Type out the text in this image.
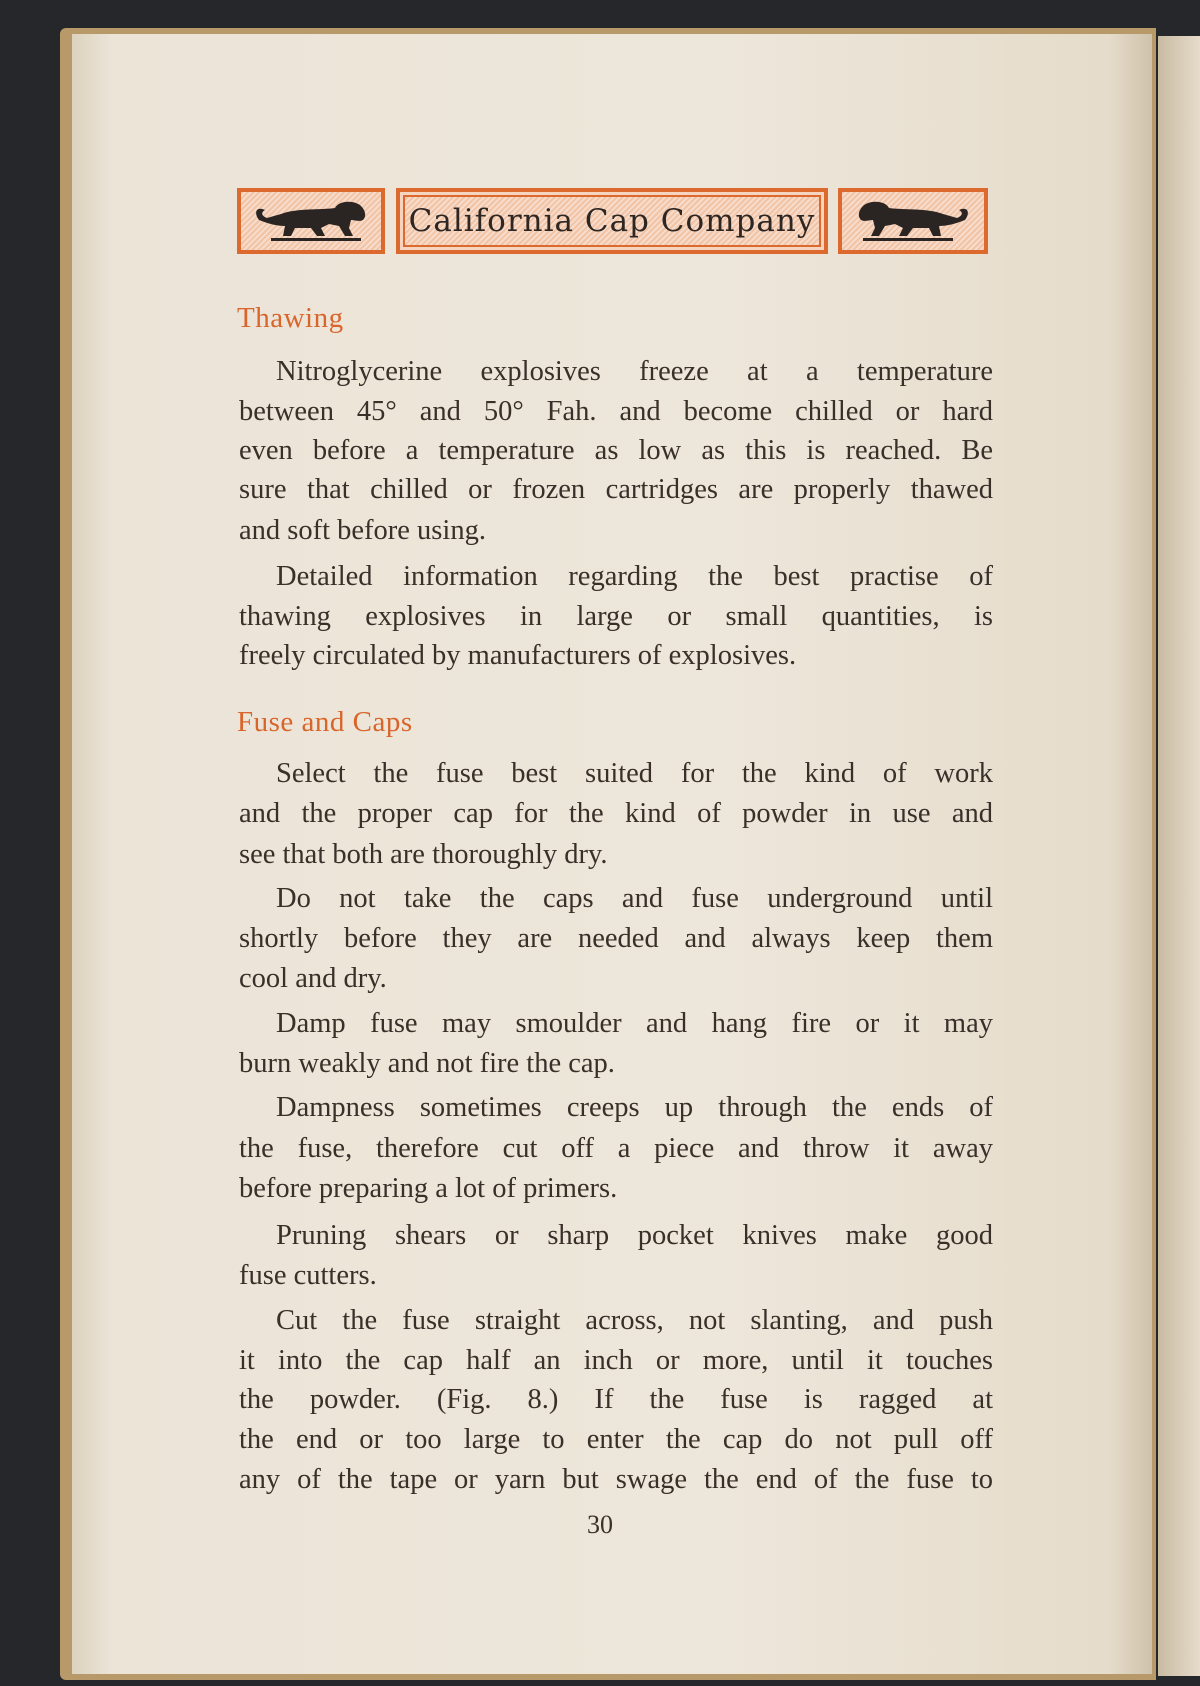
California Cap Company
Thawing
Nitroglycerine explosives freeze at a temperature
between 45° and 50° Fah. and become chilled or hard
even before a temperature as low as this is reached. Be
sure that chilled or frozen cartridges are properly thawed
and soft before using.
Detailed information regarding the best practise of
thawing explosives in large or small quantities, is
freely circulated by manufacturers of explosives.
Fuse and Caps
Select the fuse best suited for the kind of work
and the proper cap for the kind of powder in use and
see that both are thoroughly dry.
Do not take the caps and fuse underground until
shortly before they are needed and always keep them
cool and dry.
Damp fuse may smoulder and hang fire or it may
burn weakly and not fire the cap.
Dampness sometimes creeps up through the ends of
the fuse, therefore cut off a piece and throw it away
before preparing a lot of primers.
Pruning shears or sharp pocket knives make good
fuse cutters.
Cut the fuse straight across, not slanting, and push
it into the cap half an inch or more, until it touches
the powder. (Fig. 8.) If the fuse is ragged at
the end or too large to enter the cap do not pull off
any of the tape or yarn but swage the end of the fuse to
30
